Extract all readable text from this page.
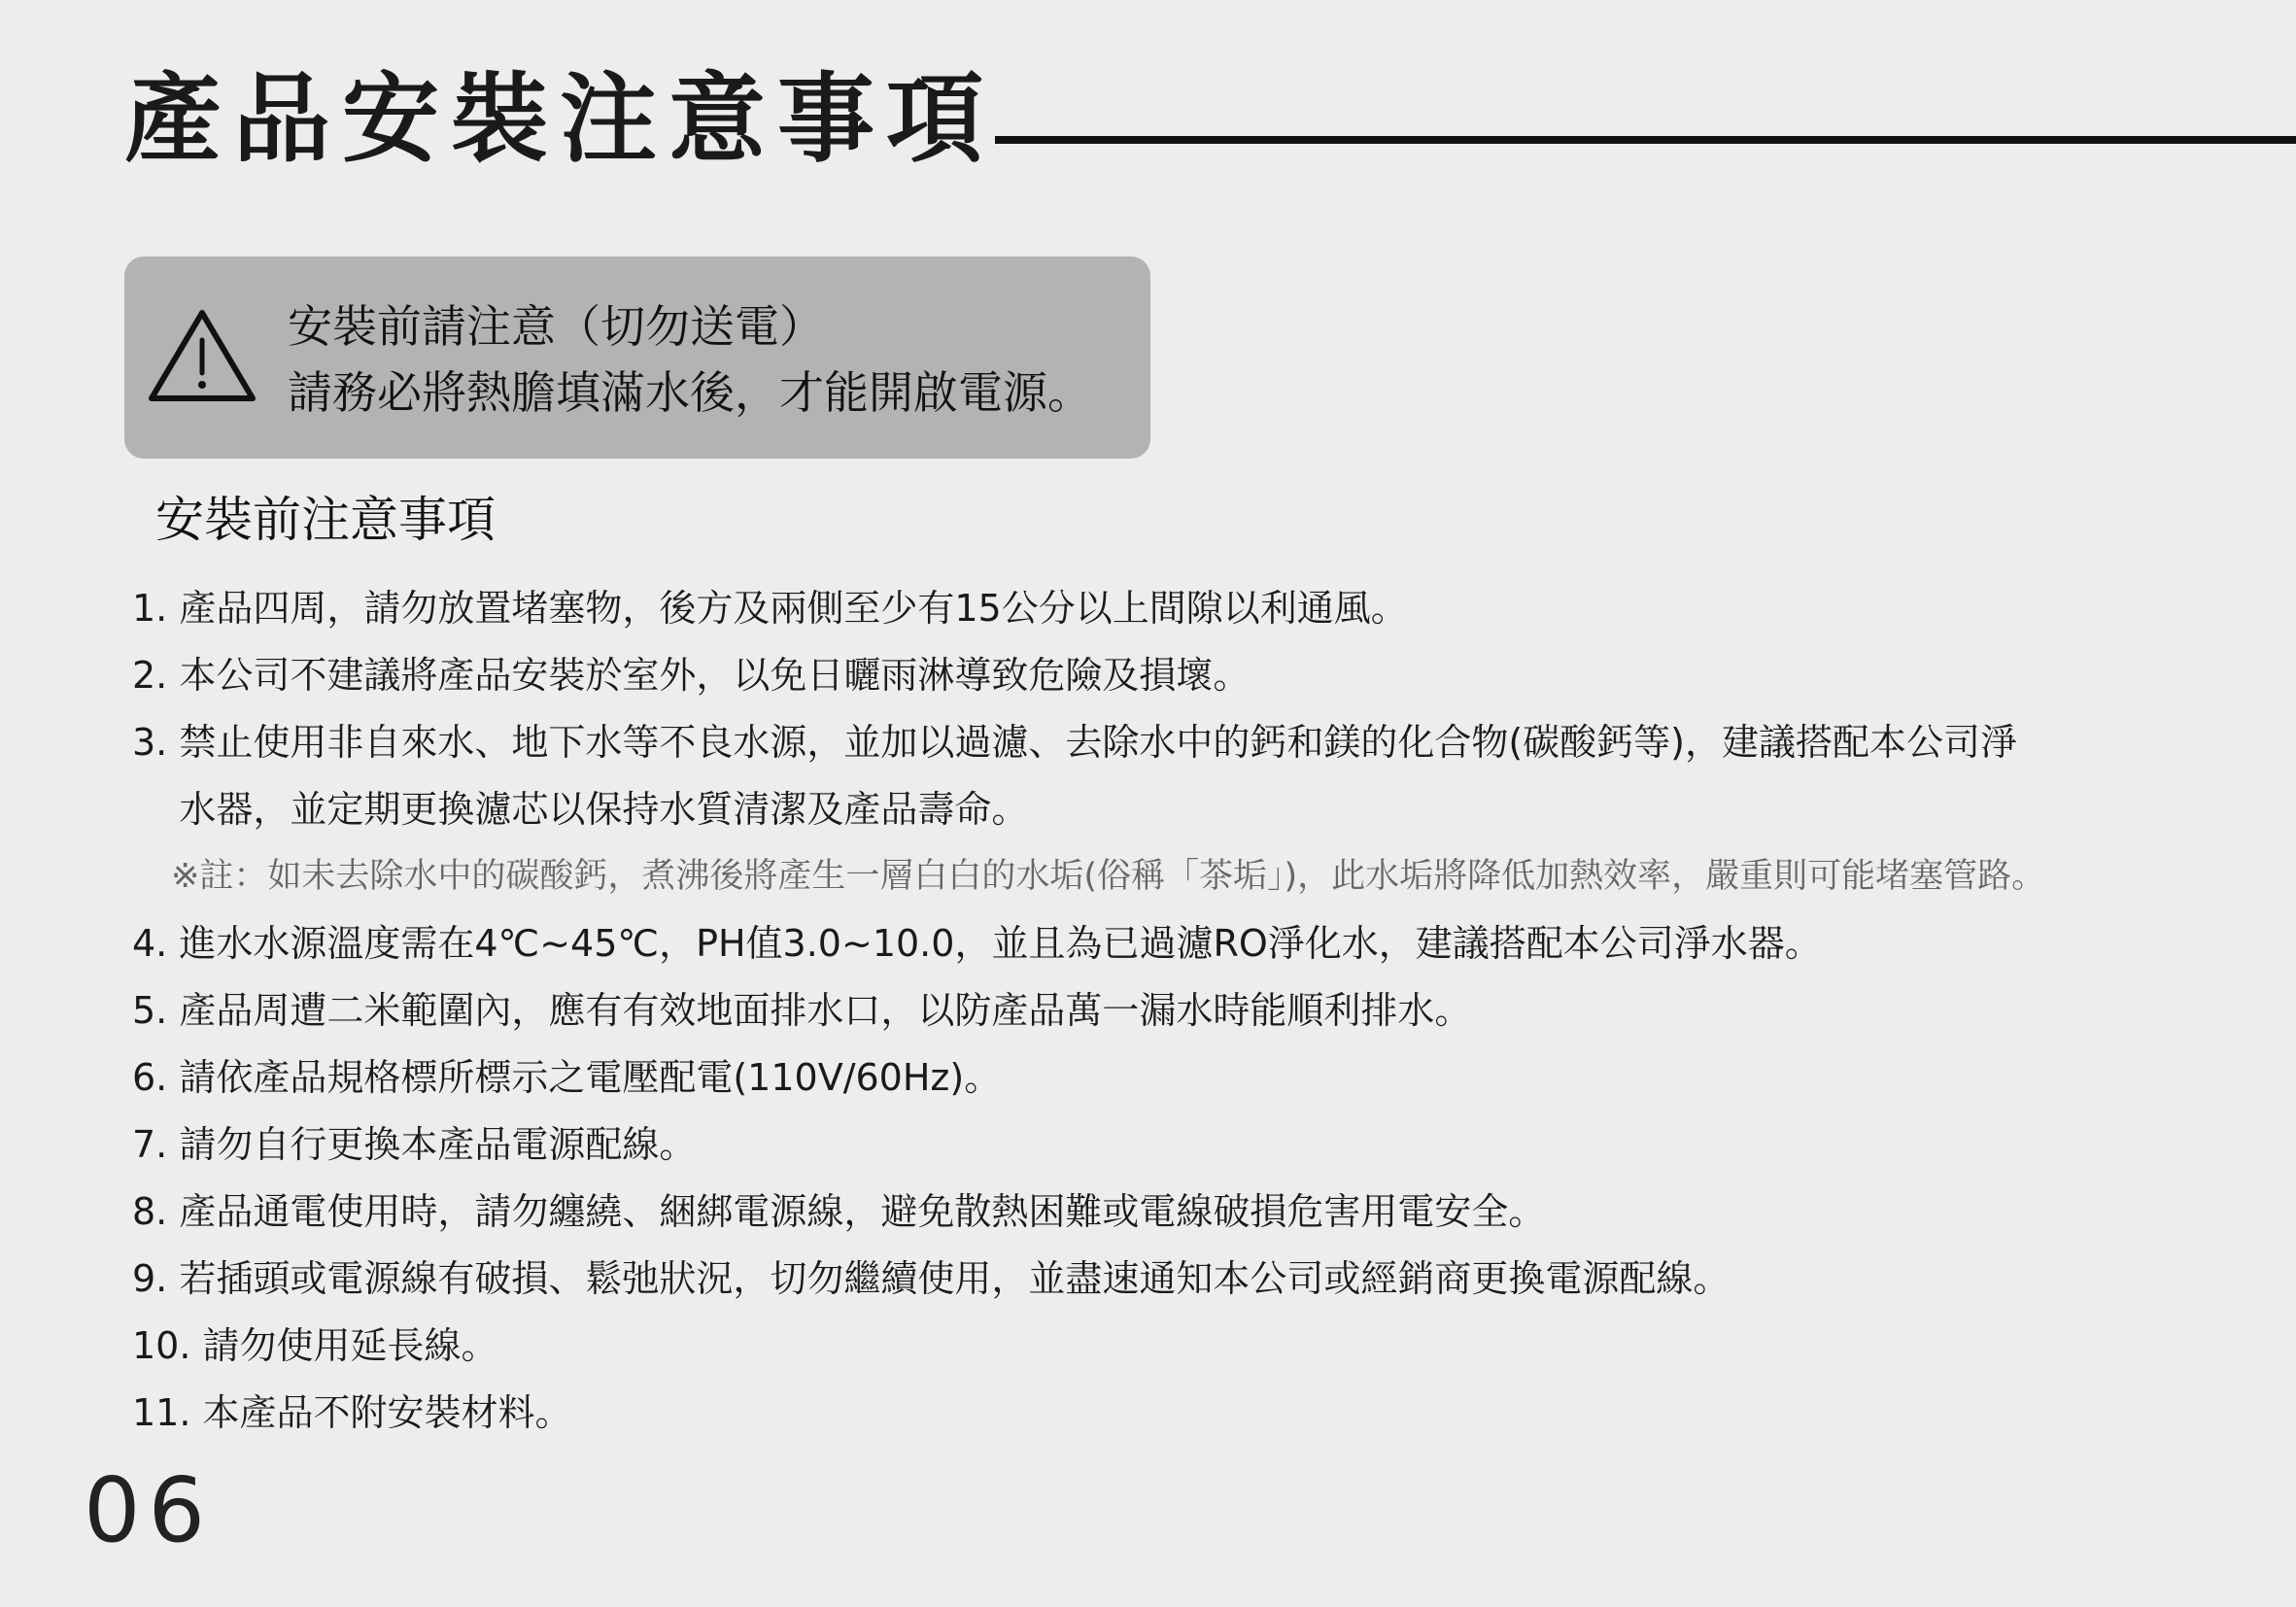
產品安裝注意事項
安裝前請注意（切勿送電）
請務必將熱膽填滿水後，才能開啟電源。
安裝前注意事項
1. 產品四周，請勿放置堵塞物，後方及兩側至少有15公分以上間隙以利通風。
2. 本公司不建議將產品安裝於室外，以免日曬雨淋導致危險及損壞。
3. 禁止使用非自來水、地下水等不良水源，並加以過濾、去除水中的鈣和鎂的化合物(碳酸鈣等)，建議搭配本公司淨
水器，並定期更換濾芯以保持水質清潔及產品壽命。
※註：如未去除水中的碳酸鈣，煮沸後將產生一層白白的水垢(俗稱「茶垢」)，此水垢將降低加熱效率，嚴重則可能堵塞管路。
4. 進水水源溫度需在4℃~45℃，PH值3.0~10.0，並且為已過濾RO淨化水，建議搭配本公司淨水器。
5. 產品周遭二米範圍內，應有有效地面排水口，以防產品萬一漏水時能順利排水。
6. 請依產品規格標所標示之電壓配電(110V/60Hz)。
7. 請勿自行更換本產品電源配線。
8. 產品通電使用時，請勿纏繞、綑綁電源線，避免散熱困難或電線破損危害用電安全。
9. 若插頭或電源線有破損、鬆弛狀況，切勿繼續使用，並盡速通知本公司或經銷商更換電源配線。
10. 請勿使用延長線。
11. 本產品不附安裝材料。
06
